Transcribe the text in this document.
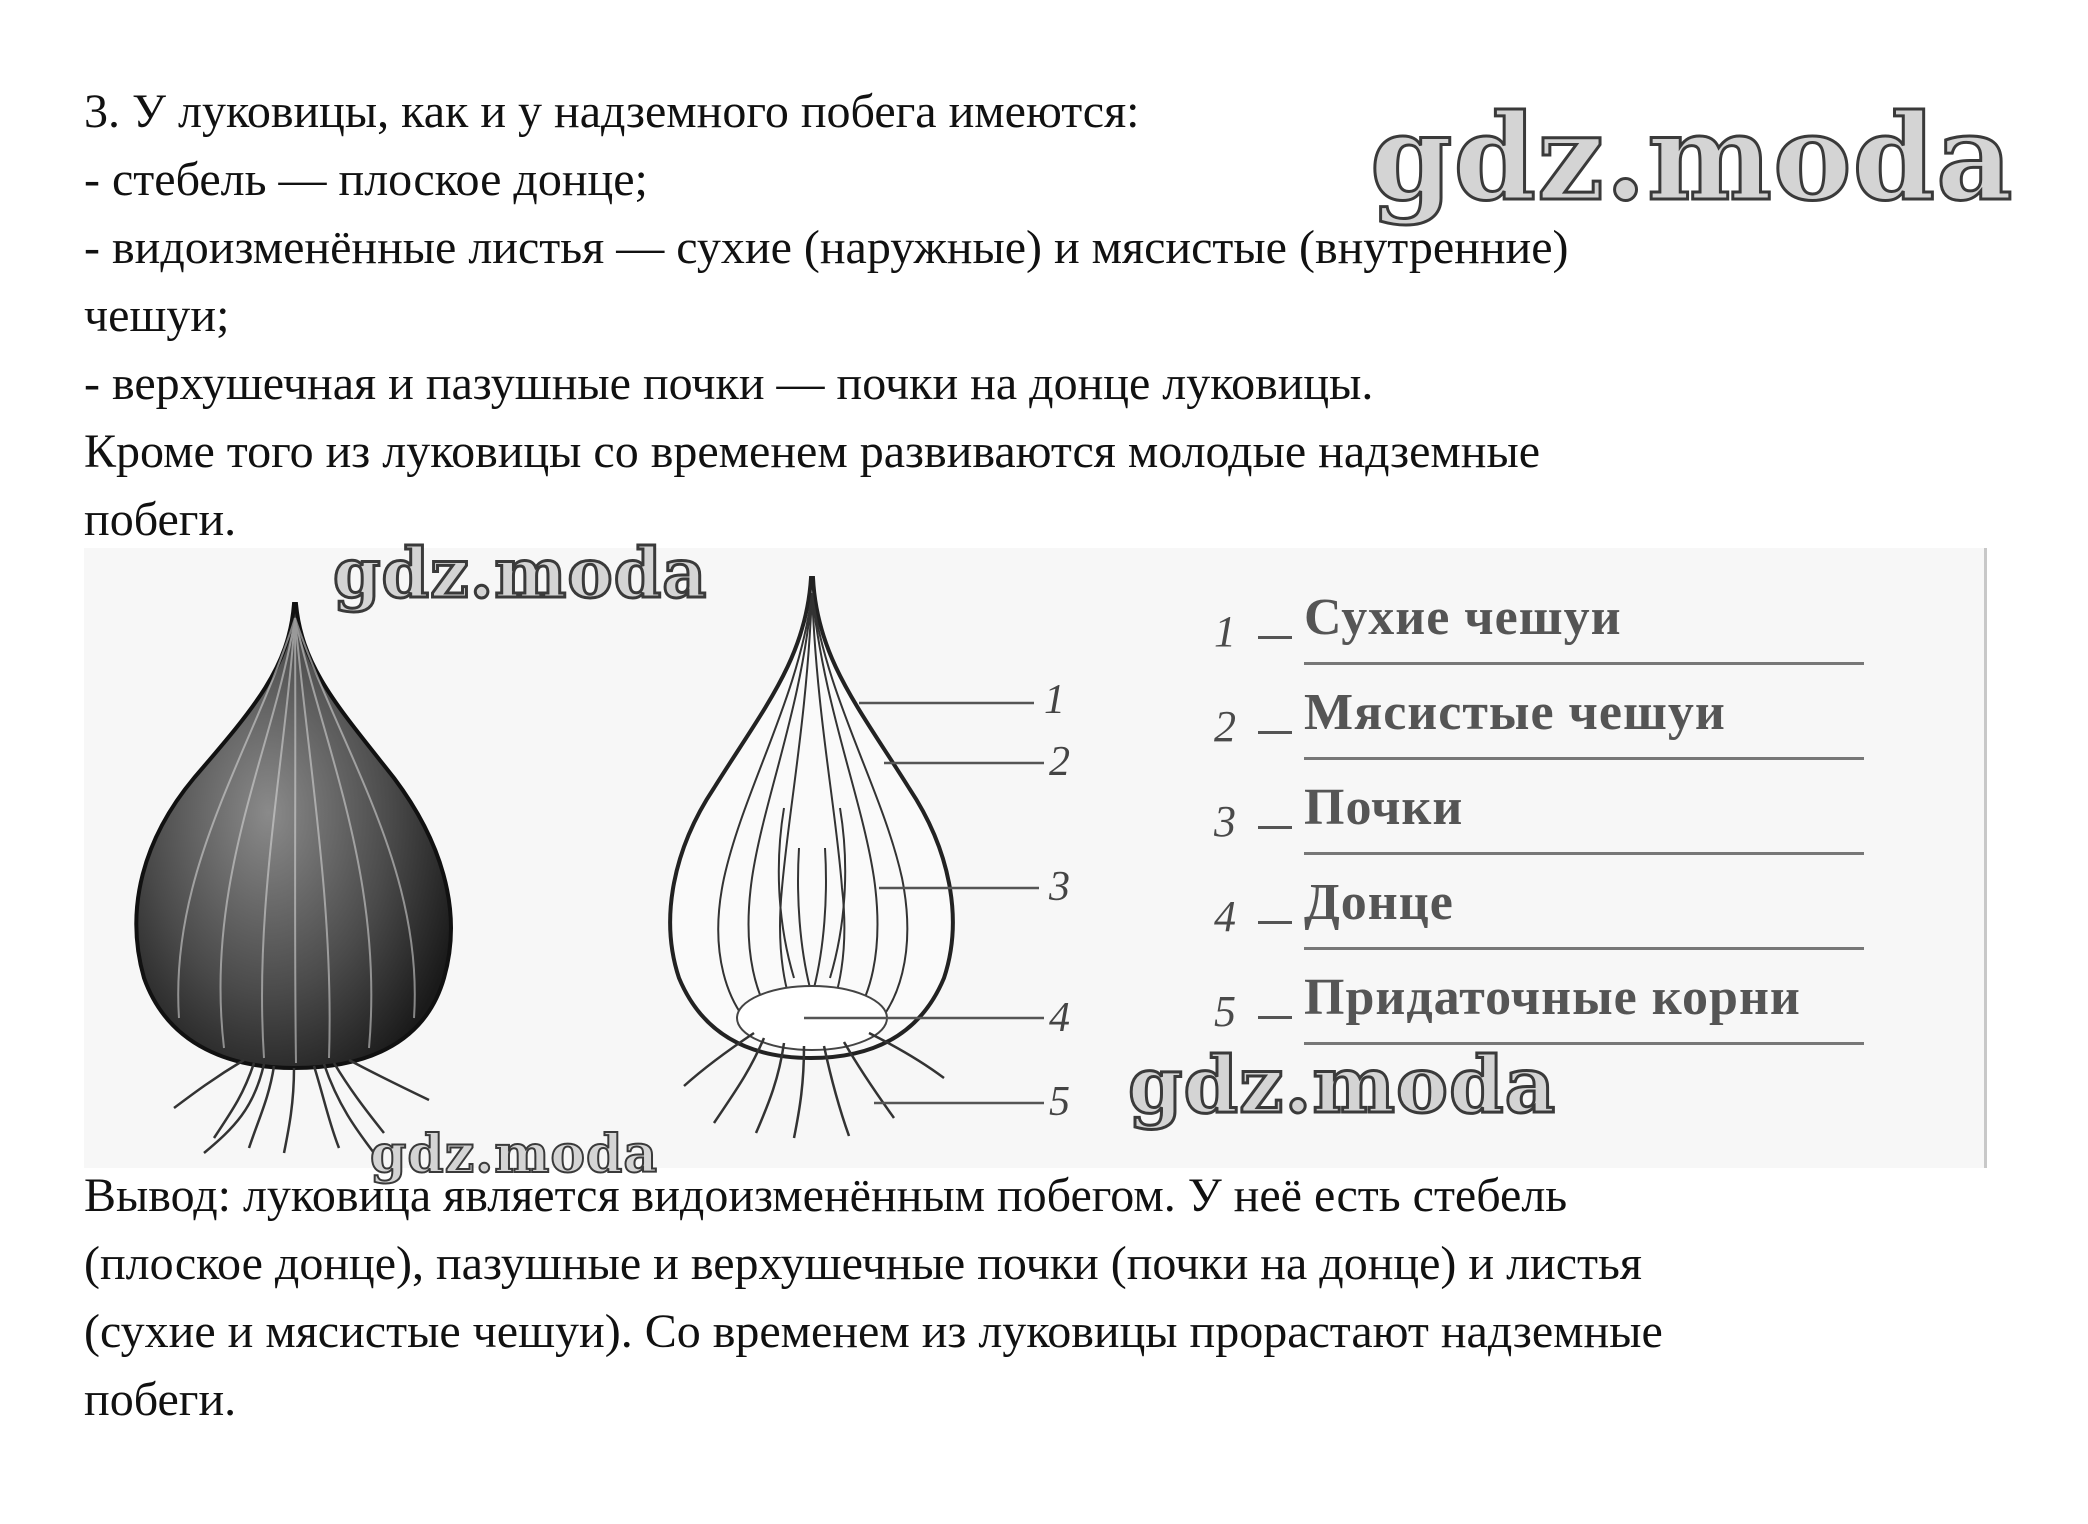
3. У луковицы, как и у надземного побега имеются:
- стебель — плоское донце;
- видоизменённые листья — сухие (наружные) и мясистые (внутренние)
чешуи;
- верхушечная и пазушные почки — почки на донце луковицы.
Кроме того из луковицы со временем развиваются молодые надземные
побеги.
1
2
3
4
5
1 Сухие чешуи
2 Мясистые чешуи
3 Почки
4 Донце
5 Придаточные корни
Вывод: луковица является видоизменённым побегом. У неё есть стебель
(плоское донце), пазушные и верхушечные почки (почки на донце) и листья
(сухие и мясистые чешуи). Со временем из луковицы прорастают надземные
побеги.
gdz.moda
gdz.moda
gdz.moda
gdz.moda
